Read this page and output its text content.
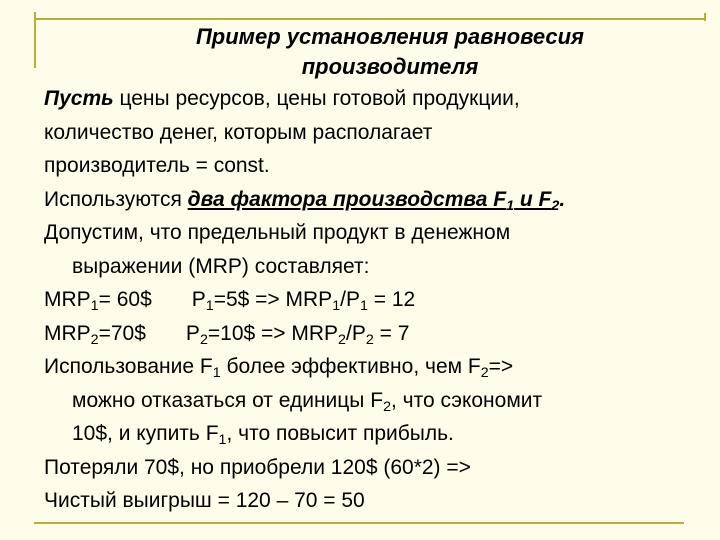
Пример установления равновесия
производителя
Пусть цены ресурсов, цены готовой продукции,
количество денег, которым располагает
производитель = const.
Используются два фактора производства $F_1$ и $F_2$.
Допустим, что предельный продукт в денежном
выражении (MRP) составляет:
$MRP_1=$ 60$ $P_1=5\$ => MRP_1/P_1 = 12$
$MRP_2=70\$$ $P_2=10\$ => MRP_2/P_2 = 7$
Использование $F_1$ более эффективно, чем $F_2=>$
можно отказаться от единицы $F_2$, что сэкономит
10$, и купить $F_1$, что повысит прибыль.
Потеряли 70$, но приобрели 120$ (60*2) =>
Чистый выигрыш = 120 – 70 = 50
